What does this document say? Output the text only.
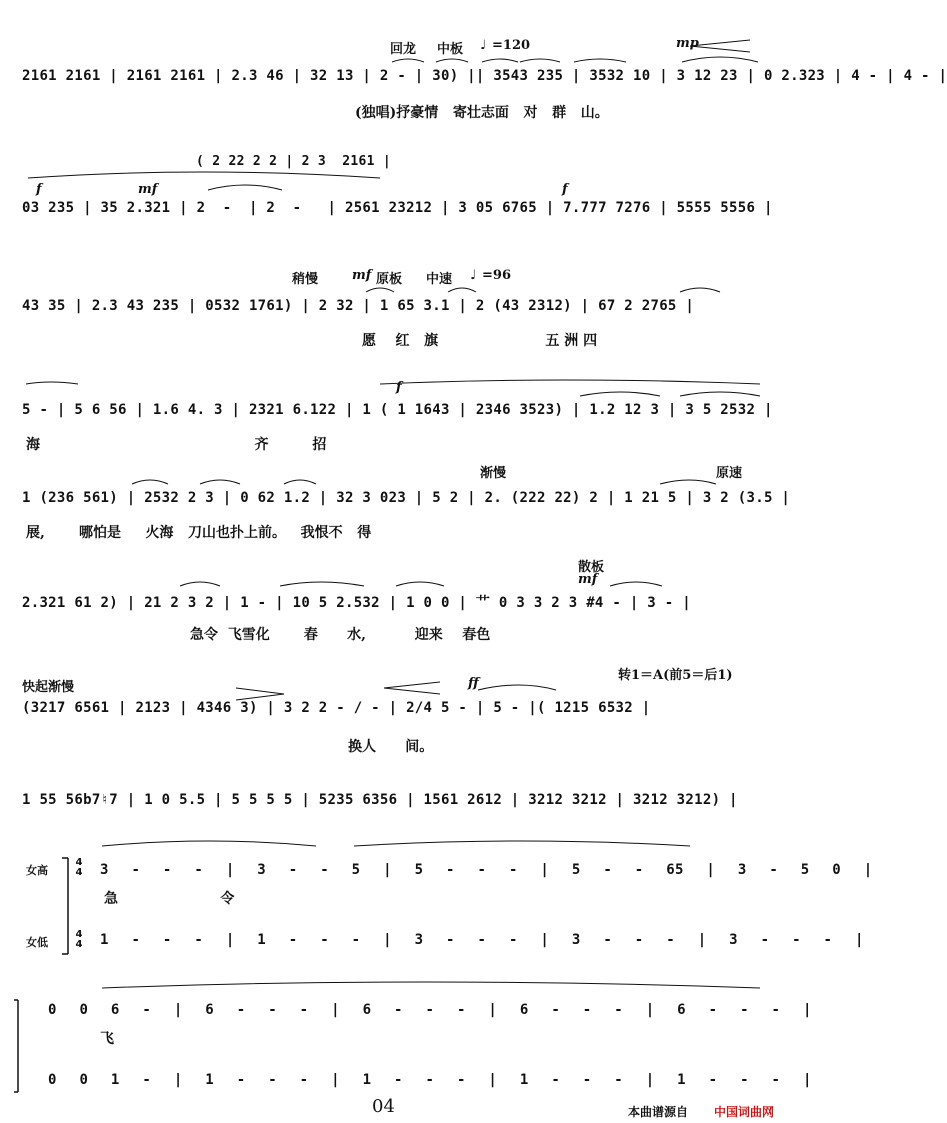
回龙 中板 ♩ =120	mp
2161 2161 | 2161 2161 | 2.3 46 | 32 13 | 2 - | 30) || 3543 235 | 3532 10 | 3 12 23 | 0 2.323 | 4 - | 4 - |
(独唱)抒豪情   寄壮志面   对   群   山。
( 2 22 2 2 | 2 3  2161 |
f	mf	f
03 235 | 35 2.321 | 2  -  | 2  -   | 2561 23212 | 3 05 6765 | 7.777 7276 | 5555 5556 |
稍慢	mf 原板 中速 ♩ =96
43 35 | 2.3 43 235 | 0532 1761) | 2 32 | 1 65 3.1 | 2 (43 2312) | 67 2 2765 |
愿    红   旗                      五 洲 四
f
5 - | 5 6 56 | 1.6 4. 3 | 2321 6.122 | 1 ( 1 1643 | 2346 3523) | 1.2 12 3 | 3 5 2532 |
海                                            齐         招
渐慢	原速
1 (236 561) | 2532 2 3 | 0 62 1.2 | 32 3 023 | 5 2 | 2. (222 22) 2 | 1 21 5 | 3 2 (3.5 |
展,       哪怕是     火海   刀山也扑上前。   我恨不   得
散板
mf
2.321 61 2) | 21 2 3 2 | 1 - | 10 5 2.532 | 1 0 0 | 艹 0 3 3 2 3 #4 - | 3 - |
急令  飞雪化       春      水,          迎来    春色
快起渐慢	ff
转1＝A(前5＝后1)
(3217 6561 | 2123 | 4346 3) | 3 2 2 - / - | 2/4 5 - | 5 - |( 1215 6532 |
换人      间。
1 55 56b7♮7 | 1 0 5.5 | 5 5 5 5 | 5235 6356 | 1561 2612 | 3212 3212 | 3212 3212) |
女高
女低
4
4
4
4
3 - - - | 3 - - 5 | 5 - - - | 5 - - 65 | 3 - 5 0 |
急                     令
1 - - - | 1 - - - | 3 - - - | 3 - - - | 3 - - - |
0 0 6 - | 6 - - - | 6 - - - | 6 - - - | 6 - - - |
飞
0 0 1 - | 1 - - - | 1 - - - | 1 - - - | 1 - - - |
04	本曲谱源自 中国词曲网
